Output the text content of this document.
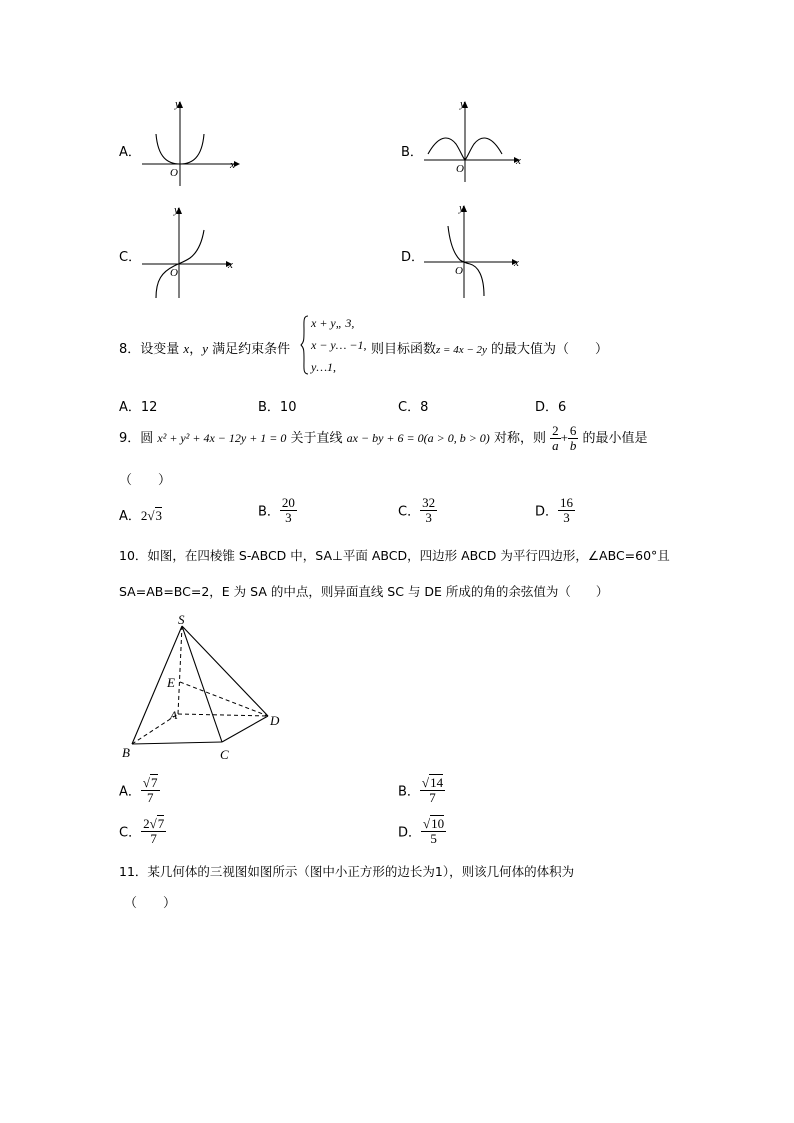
A．
x
y
O
B．
x
y
O
C．	x
y
O
D．	x
y
O
8．设变量 x，y 满足约束条件
x + y„ 3,
x − y… −1,
y…1,
则目标函数z = 4x − 2y 的最大值为（　　）
A．12	B．10	C．8	D．6
9．圆 x² + y² + 4x − 12y + 1 = 0 关于直线 ax − by + 6 = 0(a > 0, b > 0) 对称，则 $\frac{2}{a} + \frac{6}{b}$ 的最小值是
（　　）
A．2√3	B． $\frac{20}{3}$	C． $\frac{32}{3}$	D． $\frac{16}{3}$
10．如图，在四棱锥 S-ABCD 中，SA⊥平面 ABCD，四边形 ABCD 为平行四边形，∠ABC=60°且
SA=AB=BC=2，E 为 SA 的中点，则异面直线 SC 与 DE 所成的角的余弦值为（　　）
S
E
A
B	C
D
A． $\frac{√7}{7}$	B． $\frac{√14}{7}$
C． $\frac{2√7}{7}$	D． $\frac{√10}{5}$
11．某几何体的三视图如图所示（图中小正方形的边长为1），则该几何体的体积为
（　　）
